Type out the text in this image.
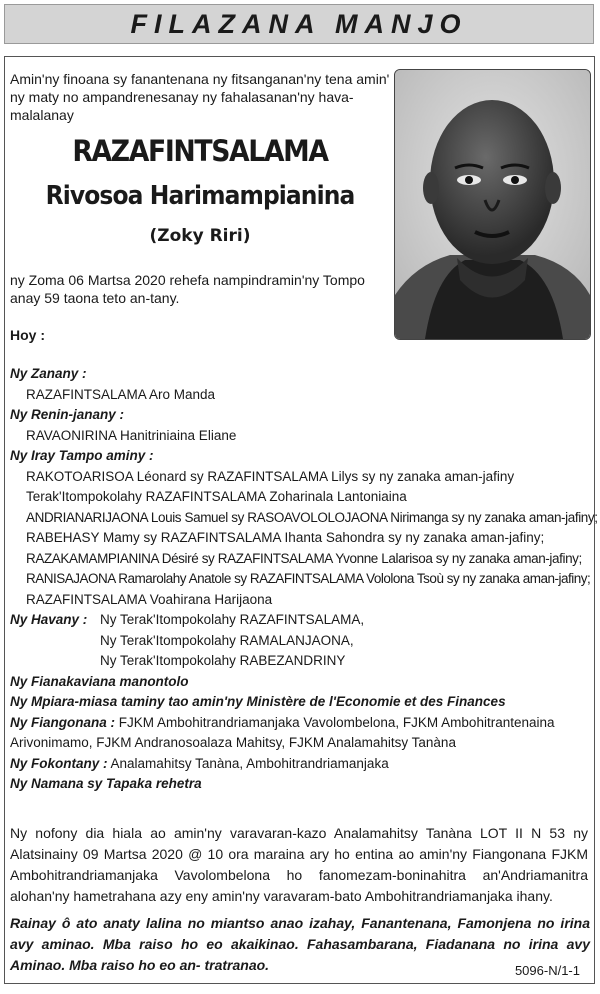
FILAZANA MANJO
Amin'ny finoana sy fanantenana ny fitsanganan'ny tena amin' ny maty no ampandrenesanay ny fahalasanan'ny hava-malalanay
RAZAFINTSALAMA
Rivosoa Harimampianina
(Zoky Riri)
ny Zoma 06 Martsa 2020 rehefa nampindramin'ny Tompo anay 59 taona teto an-tany.
Hoy :
Ny Zanany :
RAZAFINTSALAMA Aro Manda
Ny Renin-janany :
RAVAONIRINA Hanitriniaina Eliane
Ny Iray Tampo aminy :
RAKOTOARISOA Léonard sy RAZAFINTSALAMA Lilys sy ny zanaka aman-jafiny
Terak'Itompokolahy RAZAFINTSALAMA Zoharinala Lantoniaina
ANDRIANARIJAONA Louis Samuel sy RASOAVOLOLOJAONA Nirimanga sy ny zanaka aman-jafiny;
RABEHASY Mamy sy RAZAFINTSALAMA Ihanta Sahondra sy ny zanaka aman-jafiny;
RAZAKAMAMPIANINA Désiré sy RAZAFINTSALAMA Yvonne Lalarisoa sy ny zanaka aman-jafiny;
RANISAJAONA Ramarolahy Anatole sy RAZAFINTSALAMA Vololona Tsoù sy ny zanaka aman-jafiny;
RAZAFINTSALAMA Voahirana Harijaona
Ny Havany : Ny Terak'Itompokolahy RAZAFINTSALAMA,
Ny Terak'Itompokolahy RAMALANJAONA,
Ny Terak'Itompokolahy RABEZANDRINY
Ny Fianakaviana manontolo
Ny Mpiara-miasa taminy tao amin'ny Ministère de l'Economie et des Finances
Ny Fiangonana : FJKM Ambohitrandriamanjaka Vavolombelona, FJKM Ambohitrantenaina
Arivonimamo, FJKM Andranosoalaza Mahitsy, FJKM Analamahitsy Tanàna
Ny Fokontany : Analamahitsy Tanàna, Ambohitrandriamanjaka
Ny Namana sy Tapaka rehetra
Ny nofony dia hiala ao amin'ny varavaran-kazo Analamahitsy Tanàna LOT II N 53 ny Alatsinainy 09 Martsa 2020 @ 10 ora maraina ary ho entina ao amin'ny Fiangonana FJKM Ambohitrandriamanjaka Vavolombelona ho fanomezam-boninahitra an'Andriamanitra alohan'ny hametrahana azy eny amin'ny varavaram-bato Ambohitrandriamanjaka ihany.
Rainay ô ato anaty lalina no miantso anao izahay, Fanantenana, Famonjena no irina avy aminao. Mba raiso ho eo akaikinao. Fahasambarana, Fiadanana no irina avy Aminao. Mba raiso ho eo an- tratranao.	5096-N/1-1
